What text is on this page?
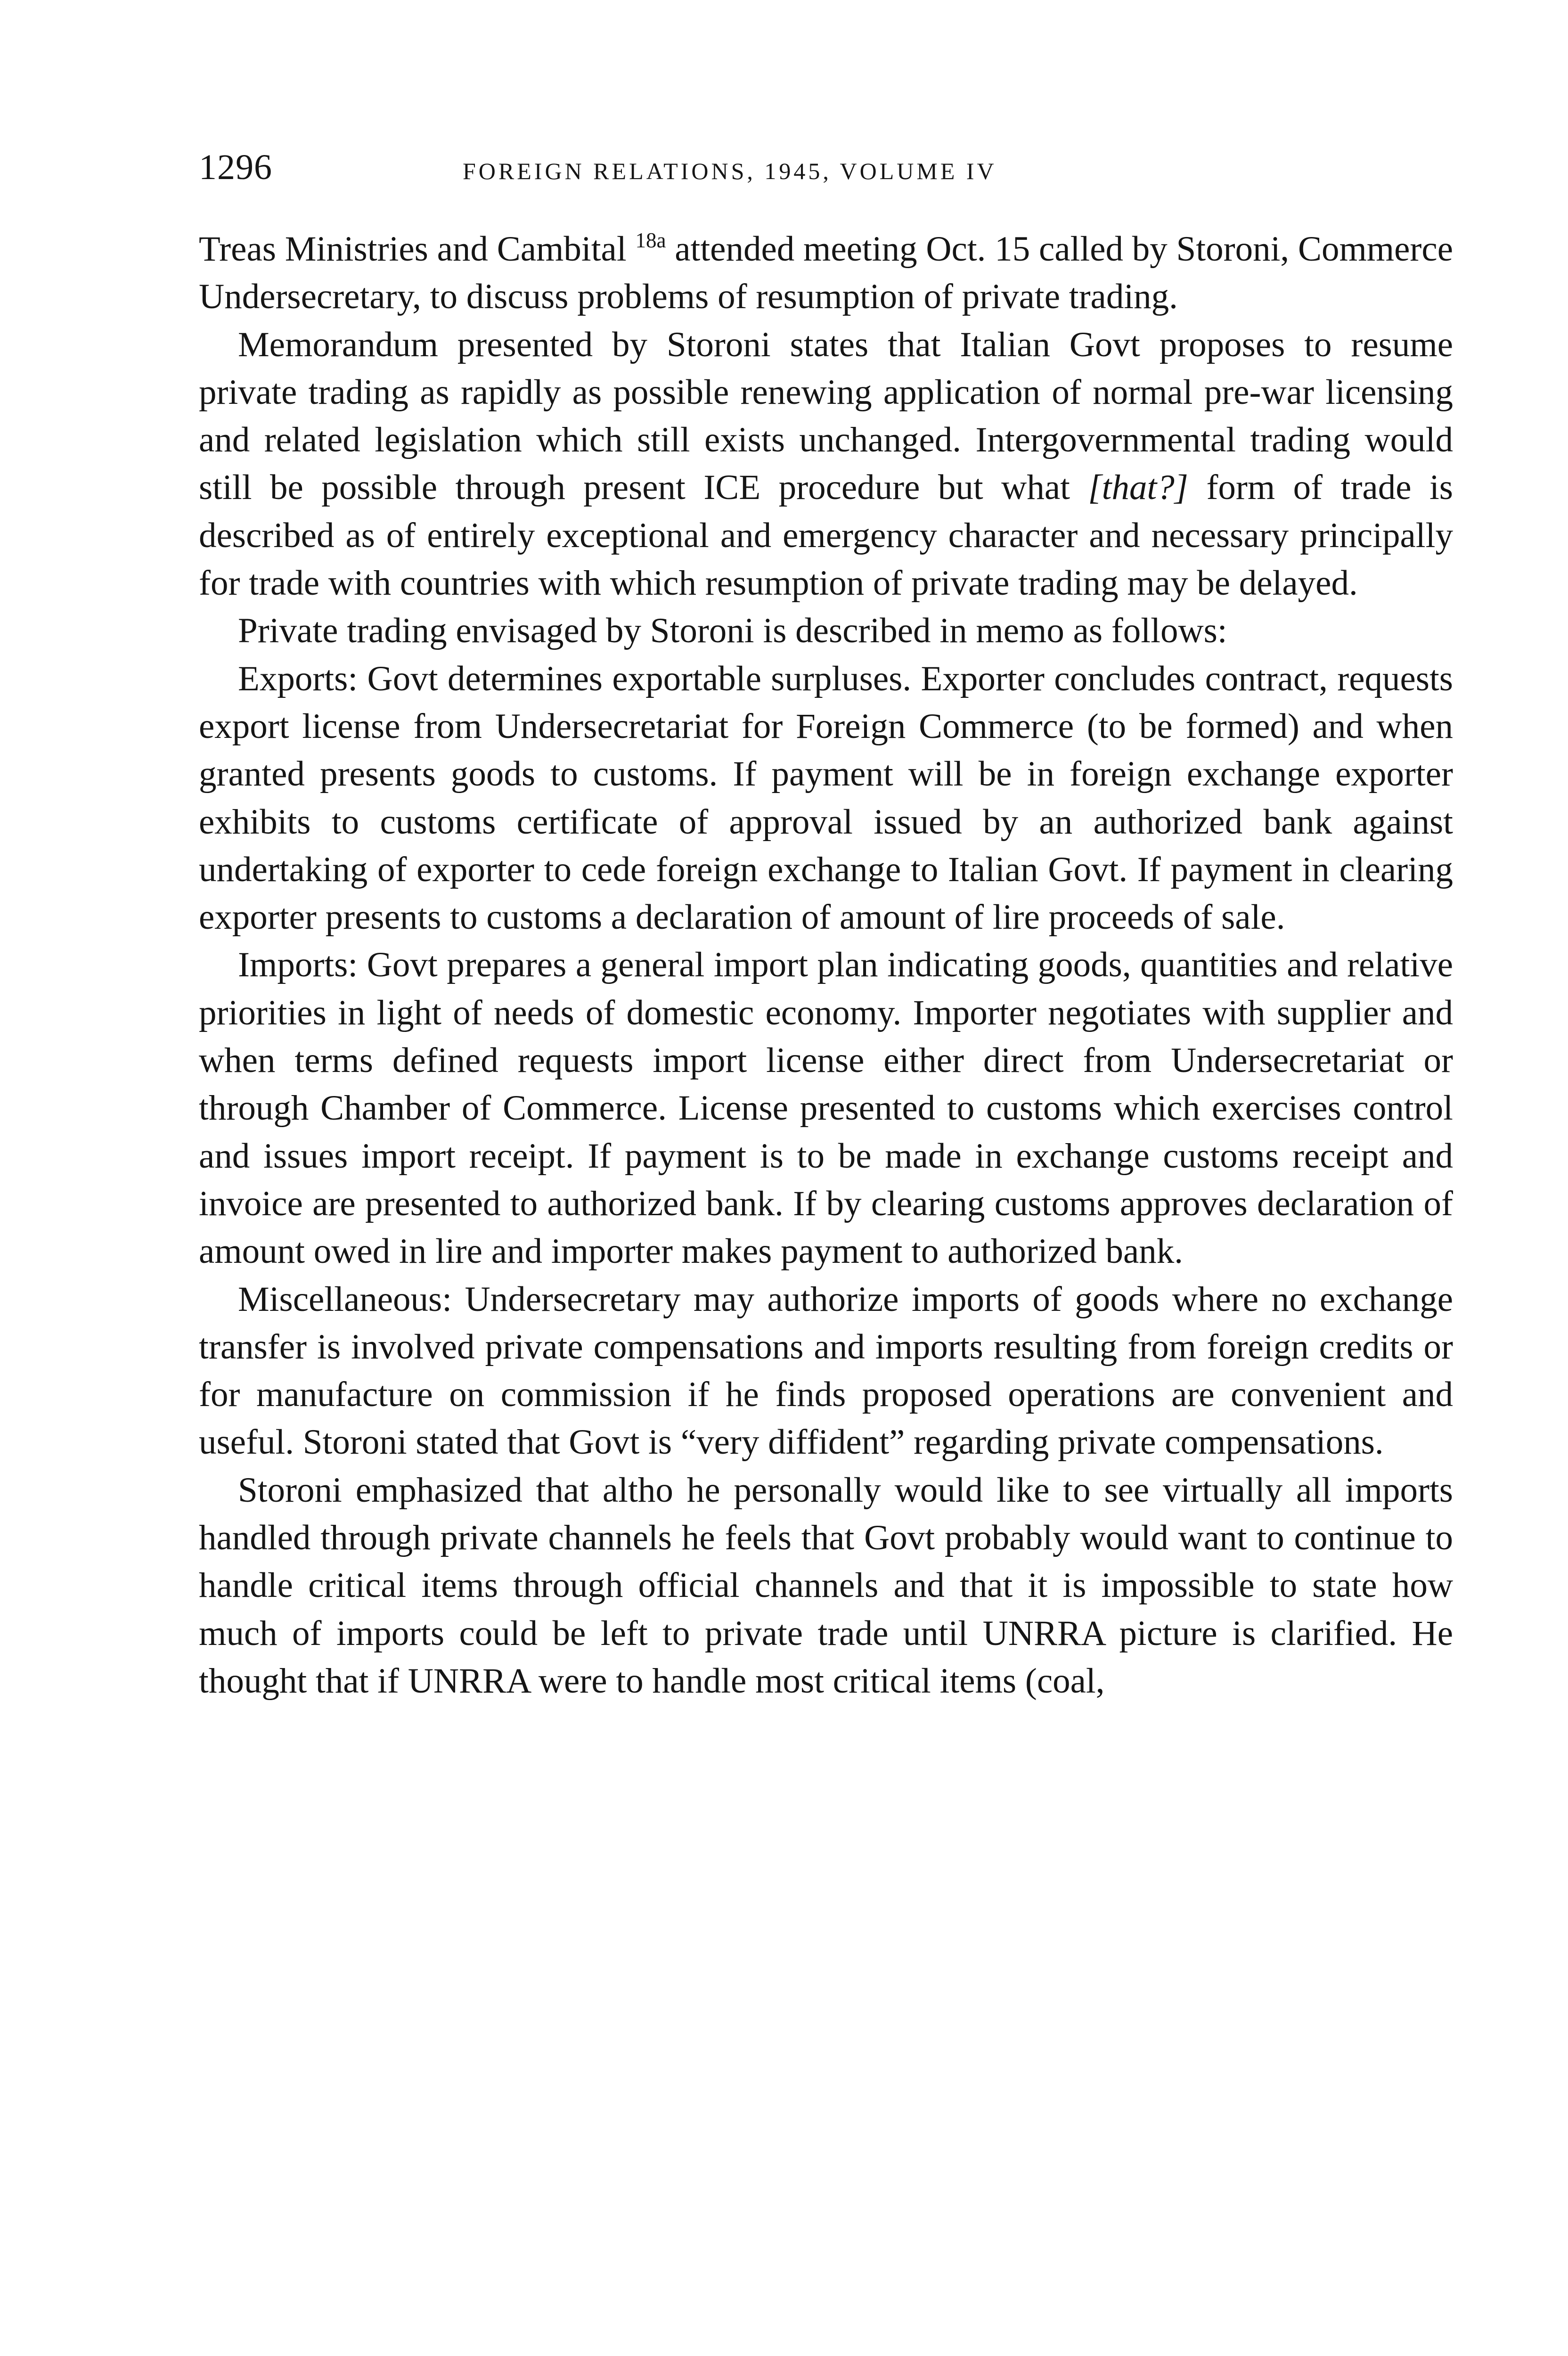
1296	FOREIGN RELATIONS, 1945, VOLUME IV

Treas Ministries and Cambital $^{18a}$ attended meeting Oct. 15 called by Storoni, Commerce Undersecretary, to discuss problems of resumption of private trading.

Memorandum presented by Storoni states that Italian Govt proposes to resume private trading as rapidly as possible renewing application of normal pre-war licensing and related legislation which still exists unchanged. Intergovernmental trading would still be possible through present ICE procedure but what [that?] form of trade is described as of entirely exceptional and emergency character and necessary principally for trade with countries with which resumption of private trading may be delayed.

Private trading envisaged by Storoni is described in memo as follows:

Exports: Govt determines exportable surpluses. Exporter concludes contract, requests export license from Undersecretariat for Foreign Commerce (to be formed) and when granted presents goods to customs. If payment will be in foreign exchange exporter exhibits to customs certificate of approval issued by an authorized bank against undertaking of exporter to cede foreign exchange to Italian Govt. If payment in clearing exporter presents to customs a declaration of amount of lire proceeds of sale.

Imports: Govt prepares a general import plan indicating goods, quantities and relative priorities in light of needs of domestic economy. Importer negotiates with supplier and when terms defined requests import license either direct from Undersecretariat or through Chamber of Commerce. License presented to customs which exercises control and issues import receipt. If payment is to be made in exchange customs receipt and invoice are presented to authorized bank. If by clearing customs approves declaration of amount owed in lire and importer makes payment to authorized bank.

Miscellaneous: Undersecretary may authorize imports of goods where no exchange transfer is involved private compensations and imports resulting from foreign credits or for manufacture on commission if he finds proposed operations are convenient and useful. Storoni stated that Govt is “very diffident” regarding private compensations.

Storoni emphasized that altho he personally would like to see virtually all imports handled through private channels he feels that Govt probably would want to continue to handle critical items through official channels and that it is impossible to state how much of imports could be left to private trade until UNRRA picture is clarified. He thought that if UNRRA were to handle most critical items (coal,
